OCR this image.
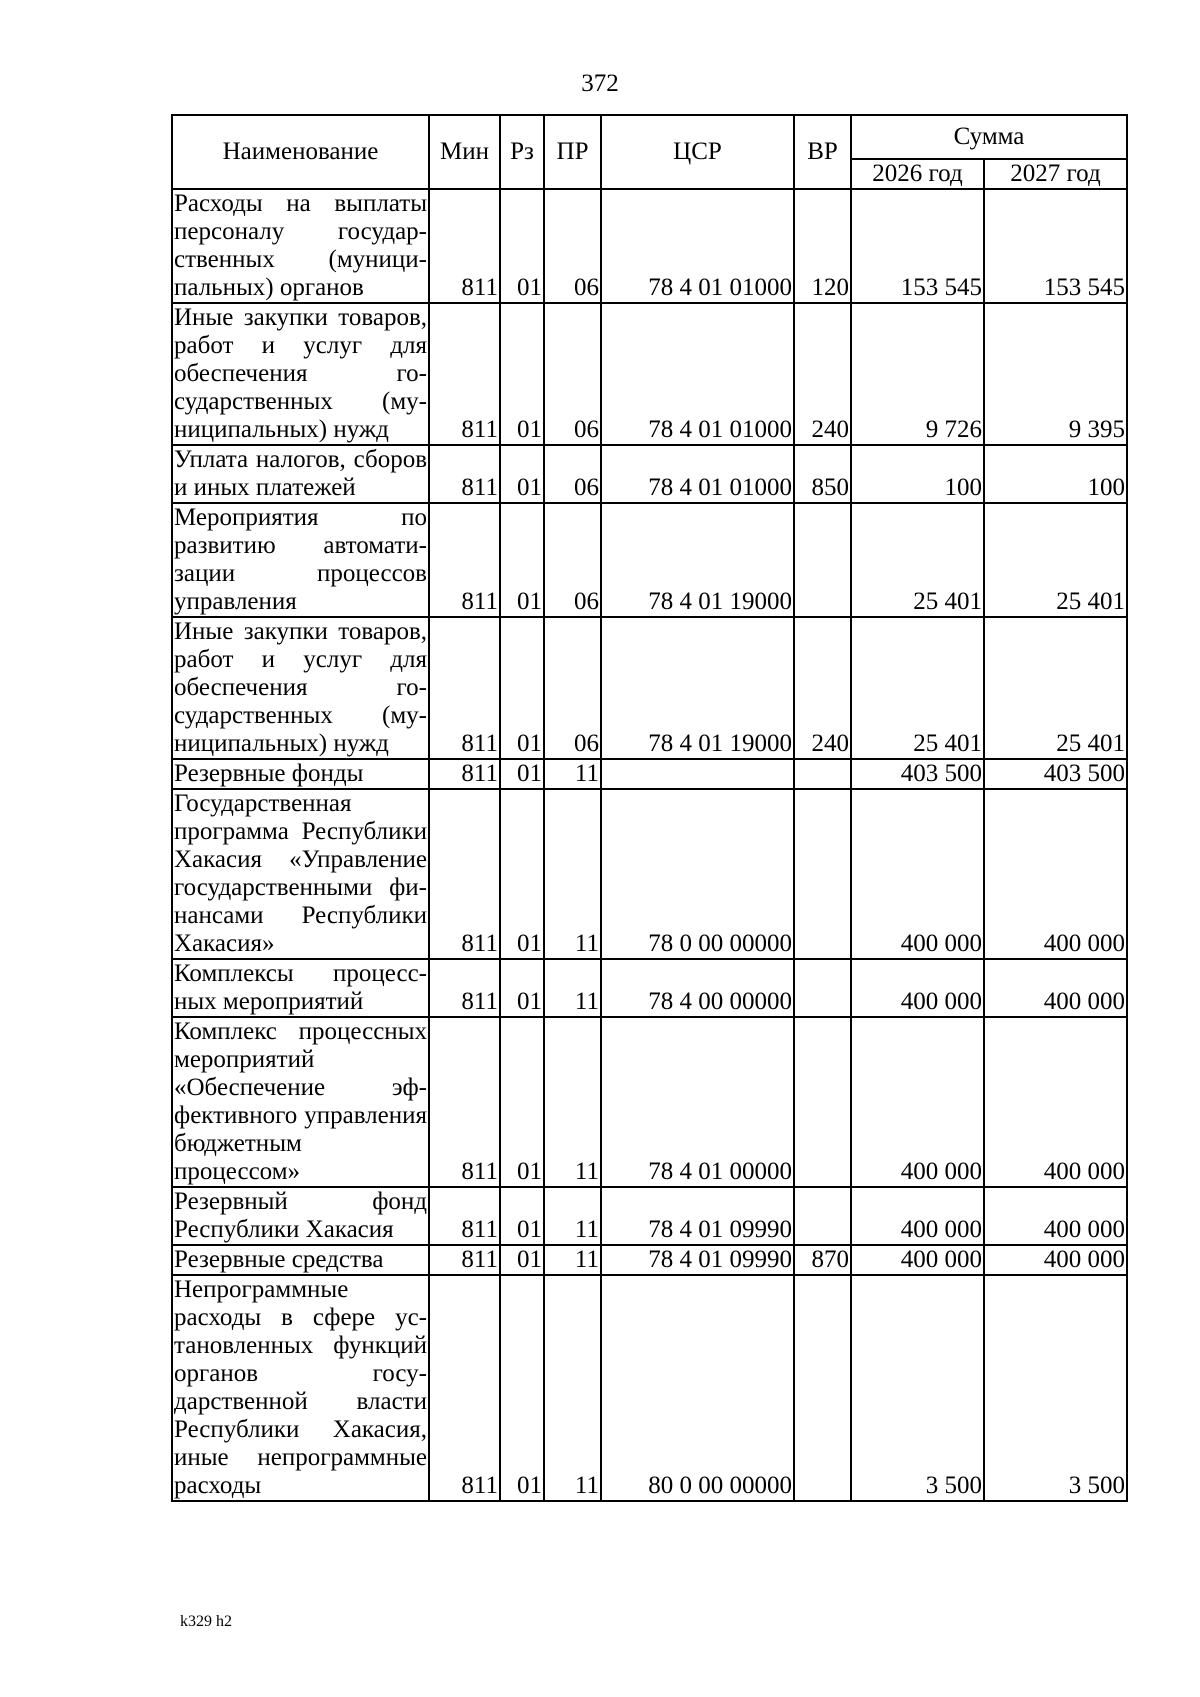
372
Наименование	Мин	Рз	ПР	ЦСР	ВР	Сумма	
						2026 год	2027 год
Расходы на выплаты персоналу государственных (муниципальных) органов	811	01	06	78 4 01 01000	120	153 545	153 545
Иные закупки товаров, работ и услуг для обеспечения государственных (муниципальных) нужд	811	01	06	78 4 01 01000	240	9 726	9 395
Уплата налогов, сборов и иных платежей	811	01	06	78 4 01 01000	850	100	100
Мероприятия по развитию автоматизации процессов управления	811	01	06	78 4 01 19000		25 401	25 401
Иные закупки товаров, работ и услуг для обеспечения государственных (муниципальных) нужд	811	01	06	78 4 01 19000	240	25 401	25 401
Резервные фонды	811	01	11			403 500	403 500
Государственная программа Республики Хакасия «Управление государственными финансами Республики Хакасия»	811	01	11	78 0 00 00000		400 000	400 000
Комплексы процессных мероприятий	811	01	11	78 4 00 00000		400 000	400 000
Комплекс процессных мероприятий «Обеспечение эффективного управления бюджетным процессом»	811	01	11	78 4 01 00000		400 000	400 000
Резервный фонд Республики Хакасия	811	01	11	78 4 01 09990		400 000	400 000
Резервные средства	811	01	11	78 4 01 09990	870	400 000	400 000
Непрограммные расходы в сфере установленных функций органов государственной власти Республики Хакасия, иные непрограммные расходы	811	01	11	80 0 00 00000		3 500	3 500
k329 h2
